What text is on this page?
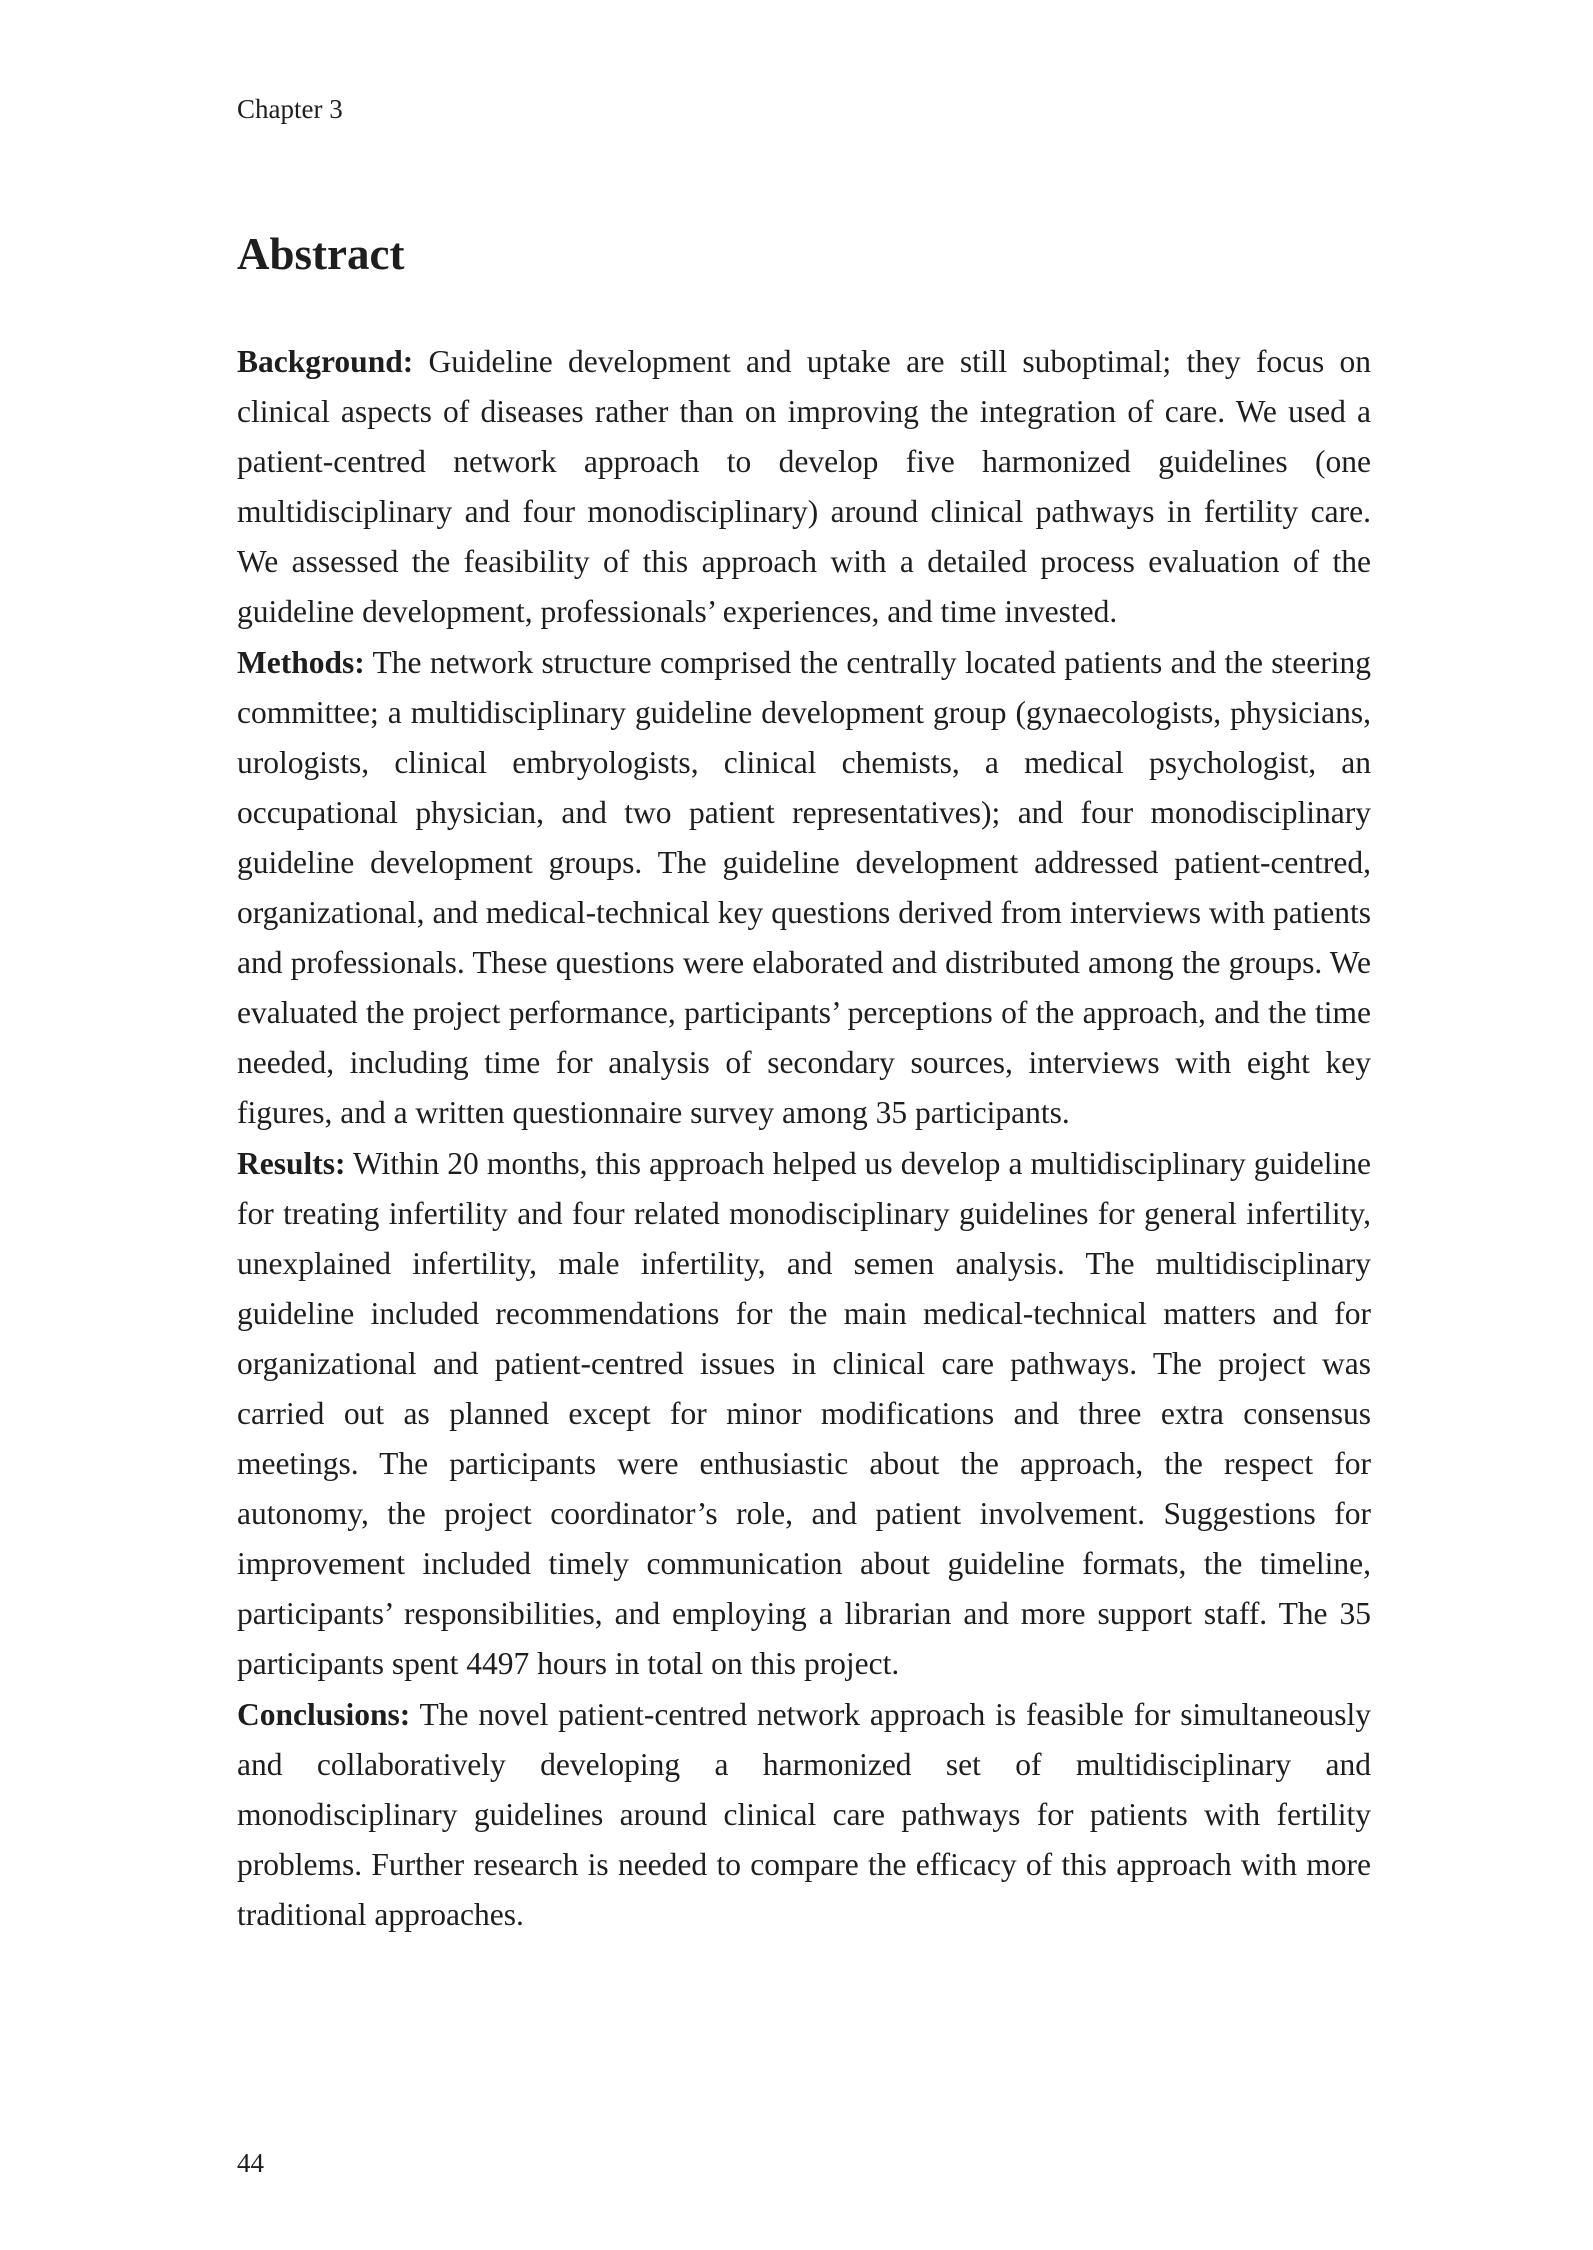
Chapter 3
Abstract

Background: Guideline development and uptake are still suboptimal; they focus on clinical aspects of diseases rather than on improving the integration of care. We used a patient-centred network approach to develop five harmonized guidelines (one multidisciplinary and four monodisciplinary) around clinical pathways in fertility care. We assessed the feasibility of this approach with a detailed process evaluation of the guideline development, professionals’ experiences, and time invested.

Methods: The network structure comprised the centrally located patients and the steering committee; a multidisciplinary guideline development group (gynaecologists, physicians, urologists, clinical embryologists, clinical chemists, a medical psychologist, an occupational physician, and two patient representatives); and four monodisciplinary guideline development groups. The guideline development addressed patient-centred, organizational, and medical-technical key questions derived from interviews with patients and professionals. These questions were elaborated and distributed among the groups. We evaluated the project performance, participants’ perceptions of the approach, and the time needed, including time for analysis of secondary sources, interviews with eight key figures, and a written questionnaire survey among 35 participants.

Results: Within 20 months, this approach helped us develop a multidisciplinary guideline for treating infertility and four related monodisciplinary guidelines for general infertility, unexplained infertility, male infertility, and semen analysis. The multidisciplinary guideline included recommendations for the main medical-technical matters and for organizational and patient-centred issues in clinical care pathways. The project was carried out as planned except for minor modifications and three extra consensus meetings. The participants were enthusiastic about the approach, the respect for autonomy, the project coordinator’s role, and patient involvement. Suggestions for improvement included timely communication about guideline formats, the timeline, participants’ responsibilities, and employing a librarian and more support staff. The 35 participants spent 4497 hours in total on this project.

Conclusions: The novel patient-centred network approach is feasible for simultaneously and collaboratively developing a harmonized set of multidisciplinary and monodisciplinary guidelines around clinical care pathways for patients with fertility problems. Further research is needed to compare the efficacy of this approach with more traditional approaches.

44
